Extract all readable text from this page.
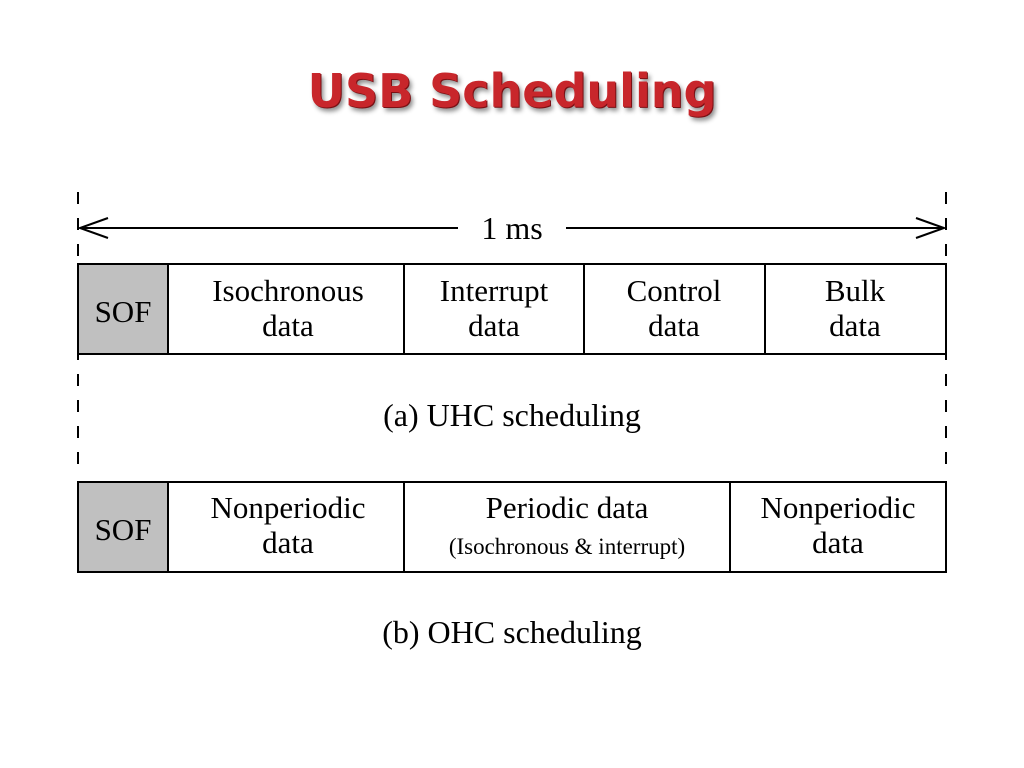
USB Scheduling
1 ms
SOF
Isochronous
data
Interrupt
data
Control
data
Bulk
data
(a) UHC scheduling
SOF
Nonperiodic
data
Periodic data
(Isochronous & interrupt)
Nonperiodic
data
(b) OHC scheduling
